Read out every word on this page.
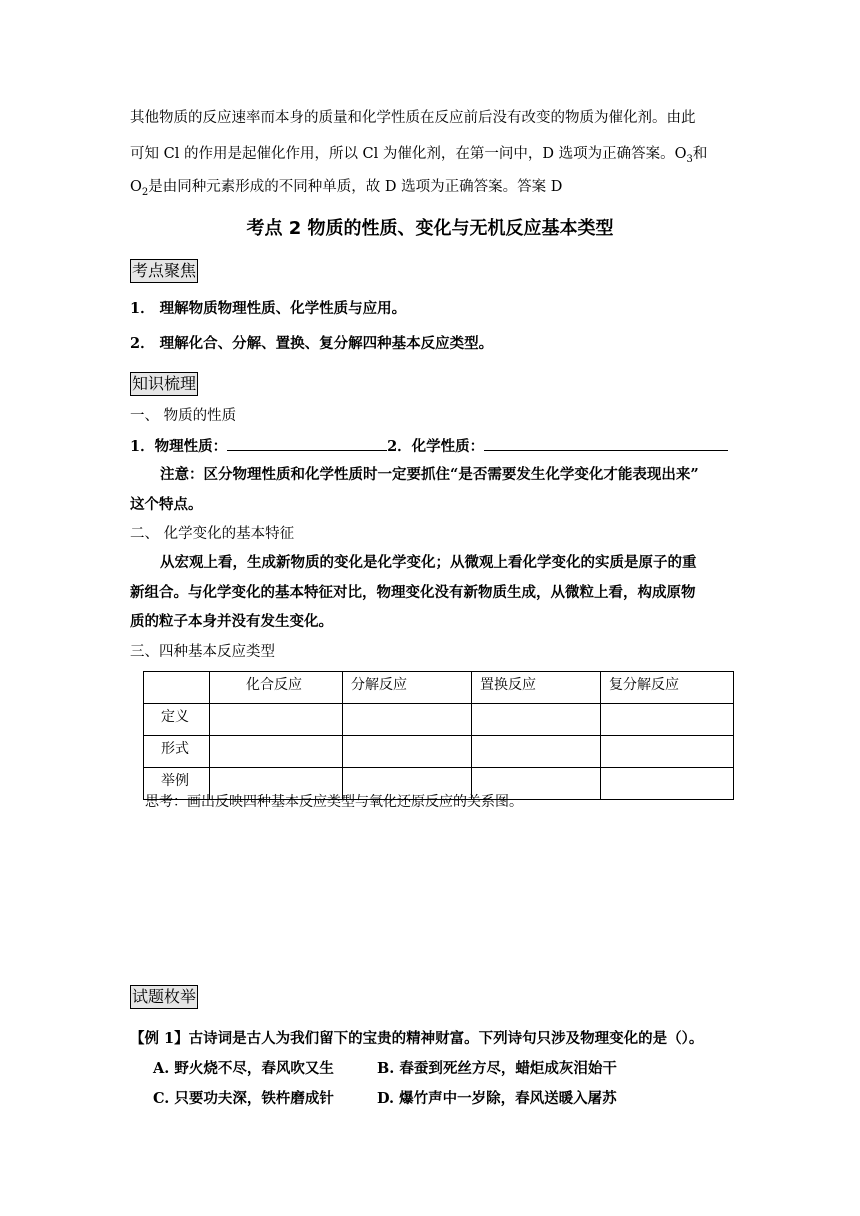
其他物质的反应速率而本身的质量和化学性质在反应前后没有改变的物质为催化剂。由此
可知 Cl 的作用是起催化作用，所以 Cl 为催化剂，在第一问中，D 选项为正确答案。$O_3$和
$O_2$是由同种元素形成的不同种单质，故 D 选项为正确答案。答案 D
考点 2 物质的性质、变化与无机反应基本类型
考点聚焦
1． 理解物质物理性质、化学性质与应用。
2． 理解化合、分解、置换、复分解四种基本反应类型。
知识梳理
一、 物质的性质
1．物理性质：	2．化学性质：
注意：区分物理性质和化学性质时一定要抓住“是否需要发生化学变化才能表现出来”
这个特点。
二、 化学变化的基本特征
从宏观上看，生成新物质的变化是化学变化；从微观上看化学变化的实质是原子的重
新组合。与化学变化的基本特征对比，物理变化没有新物质生成，从微粒上看，构成原物
质的粒子本身并没有发生变化。
三、四种基本反应类型
	化合反应	分解反应	置换反应	复分解反应
定义				
形式				
举例				
思考：画出反映四种基本反应类型与氧化还原反应的关系图。
试题枚举
【例 1】古诗词是古人为我们留下的宝贵的精神财富。下列诗句只涉及物理变化的是（）。
A. 野火烧不尽，春风吹又生	B. 春蚕到死丝方尽，蜡炬成灰泪始干
C. 只要功夫深，铁杵磨成针	D. 爆竹声中一岁除，春风送暖入屠苏
